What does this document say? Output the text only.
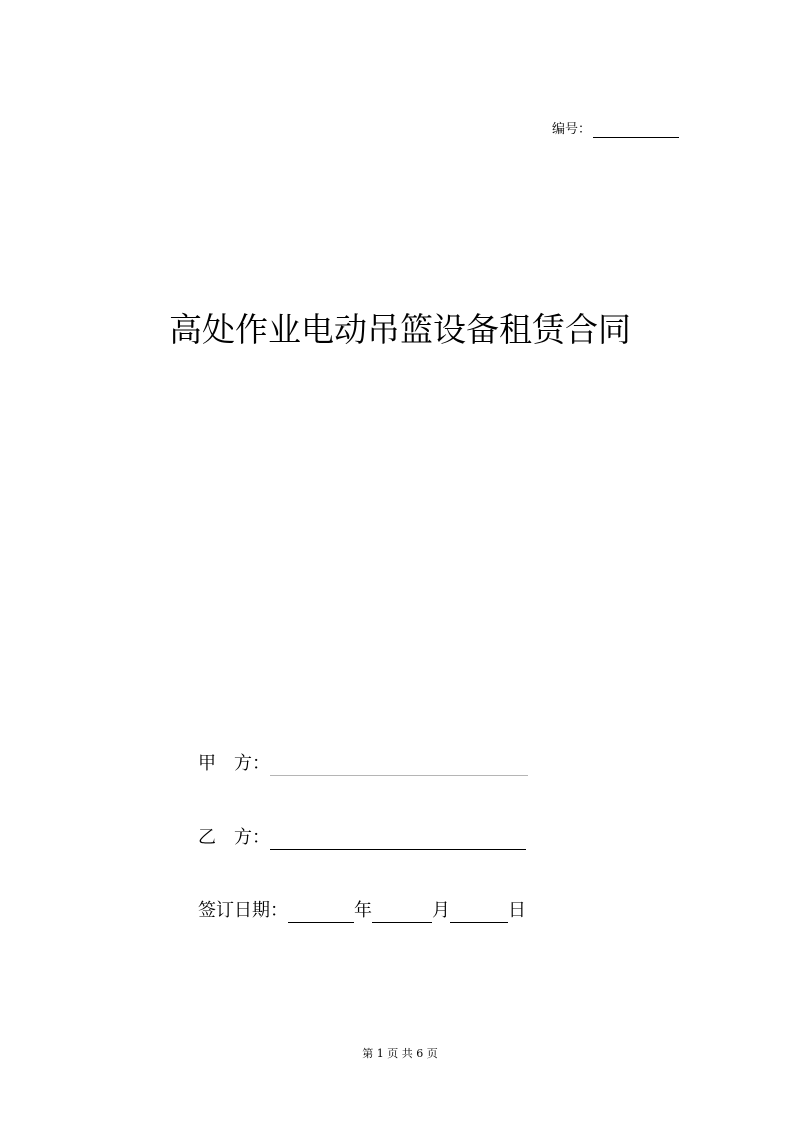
编号：
高处作业电动吊篮设备租赁合同
甲 方：
乙 方：
签订日期：	年	月	日
第 1 页 共 6 页
